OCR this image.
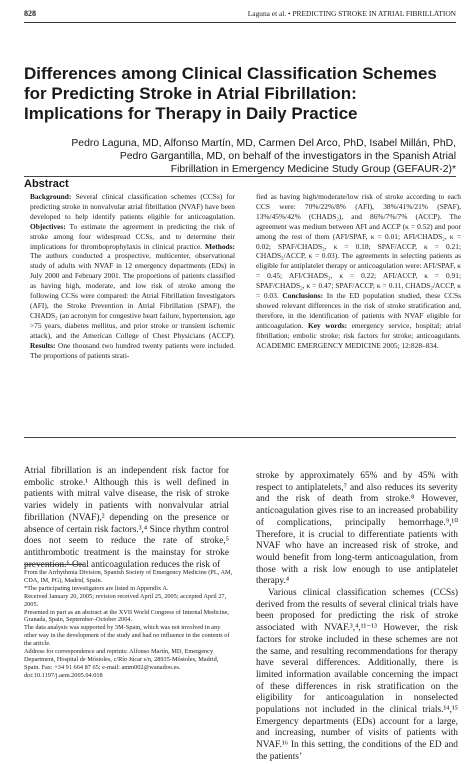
828	Laguna et al. • PREDICTING STROKE IN ATRIAL FIBRILLATION
Differences among Clinical Classification Schemes for Predicting Stroke in Atrial Fibrillation: Implications for Therapy in Daily Practice
Pedro Laguna, MD, Alfonso Martín, MD, Carmen Del Arco, PhD, Isabel Millán, PhD,
Pedro Gargantilla, MD, on behalf of the investigators in the Spanish Atrial
Fibrillation in Emergency Medicine Study Group (GEFAUR-2)*
Abstract
Background: Several clinical classification schemes (CCSs) for predicting stroke in nonvalvular atrial fibrillation (NVAF) have been developed to help identify patients eligible for anticoagulation. Objectives: To estimate the agreement in predicting the risk of stroke among four widespread CCSs, and to determine their implications for thromboprophylaxis in clinical practice. Methods: The authors conducted a prospective, multicenter, observational study of adults with NVAF in 12 emergency departments (EDs) in July 2000 and February 2001. The proportions of patients classified as having high, moderate, and low risk of stroke among the following CCSs were compared: the Atrial Fibrillation Investigators (AFI), the Stroke Prevention in Atrial Fibrillation (SPAF), the CHADS₂ (an acronym for congestive heart failure, hypertension, age >75 years, diabetes mellitus, and prior stroke or transient ischemic attack), and the American College of Chest Physicians (ACCP). Results: One thousand two hundred twenty patients were included. The proportions of patients strati-
fied as having high/moderate/low risk of stroke according to each CCS were: 70%/22%/8% (AFI), 38%/41%/21% (SPAF), 13%/45%/42% (CHADS₂), and 86%/7%/7% (ACCP). The agreement was medium between AFI and ACCP (κ = 0.52) and poor among the rest of them (AFI/SPAF, κ = 0.01; AFI/CHADS₂, κ = 0.02; SPAF/CHADS₂, κ = 0.18; SPAF/ACCP, κ = 0.21; CHADS₂/ACCP, κ = 0.03). The agreements in selecting patients as eligible for antiplatelet therapy or anticoagulation were: AFI/SPAF, κ = 0.45; AFI/CHADS₂, κ = 0.22; AFI/ACCP, κ = 0.91; SPAF/CHADS₂, κ = 0.47; SPAF/ACCP, κ = 0.11, CHADS₂/ACCP, κ = 0.03. Conclusions: In the ED population studied, these CCSs showed relevant differences in the risk of stroke stratification and, therefore, in the identification of patients with NVAF eligible for anticoagulation. Key words: emergency service, hospital; atrial fibrillation; embolic stroke; risk factors for stroke; anticoagulants. ACADEMIC EMERGENCY MEDICINE 2005; 12:828–834.

Atrial fibrillation is an independent risk factor for embolic stroke.¹ Although this is well defined in patients with mitral valve disease, the risk of stroke varies widely in patients with nonvalvular atrial fibrillation (NVAF),² depending on the presence or absence of certain risk factors.³,⁴ Since rhythm control does not seem to reduce the rate of stroke,⁵ antithrombotic treatment is the mainstay for stroke prevention.⁶ Oral anticoagulation reduces the risk of

stroke by approximately 65% and by 45% with respect to antiplatelets,⁷ and also reduces its severity and the risk of death from stroke.⁸ However, anticoagulation gives rise to an increased probability of complications, principally hemorrhage.⁹,¹⁰ Therefore, it is crucial to differentiate patients with NVAF who have an increased risk of stroke, and would benefit from long-term anticoagulation, from those with a risk low enough to use antiplatelet therapy.⁴

Various clinical classification schemes (CCSs) derived from the results of several clinical trials have been proposed for predicting the risk of stroke associated with NVAF.³,⁴,¹¹⁻¹³ However, the risk factors for stroke included in these schemes are not the same, and resulting recommendations for therapy have several differences. Additionally, there is limited information available concerning the impact of these differences in risk stratification on the eligibility for anticoagulation in nonselected populations not included in the clinical trials.¹⁴,¹⁵ Emergency departments (EDs) account for a large, and increasing, number of visits of patients with NVAF.¹⁶ In this setting, the conditions of the ED and the patients’

From the Arrhythmia Division, Spanish Society of Emergency Medicine (PL, AM, CDA, IM, PG), Madrid, Spain.
*The participating investigators are listed in Appendix A.
Received January 20, 2005; revision received April 25, 2005; accepted April 27, 2005.
Presented in part as an abstract at the XVII World Congress of Internal Medicine, Granada, Spain, September–October 2004.
The data analysis was supported by 3M-Spain, which was not involved in any other way in the development of the study and had no influence in the contents of the article.
Address for correspondence and reprints: Alfonso Martín, MD, Emergency Department, Hospital de Móstoles, c/Río Júcar s/n, 28935-Móstoles, Madrid, Spain. Fax: +34 91 664 87 65; e-mail: amm002@wanadoo.es.
doi:10.1197/j.aem.2005.04.018
